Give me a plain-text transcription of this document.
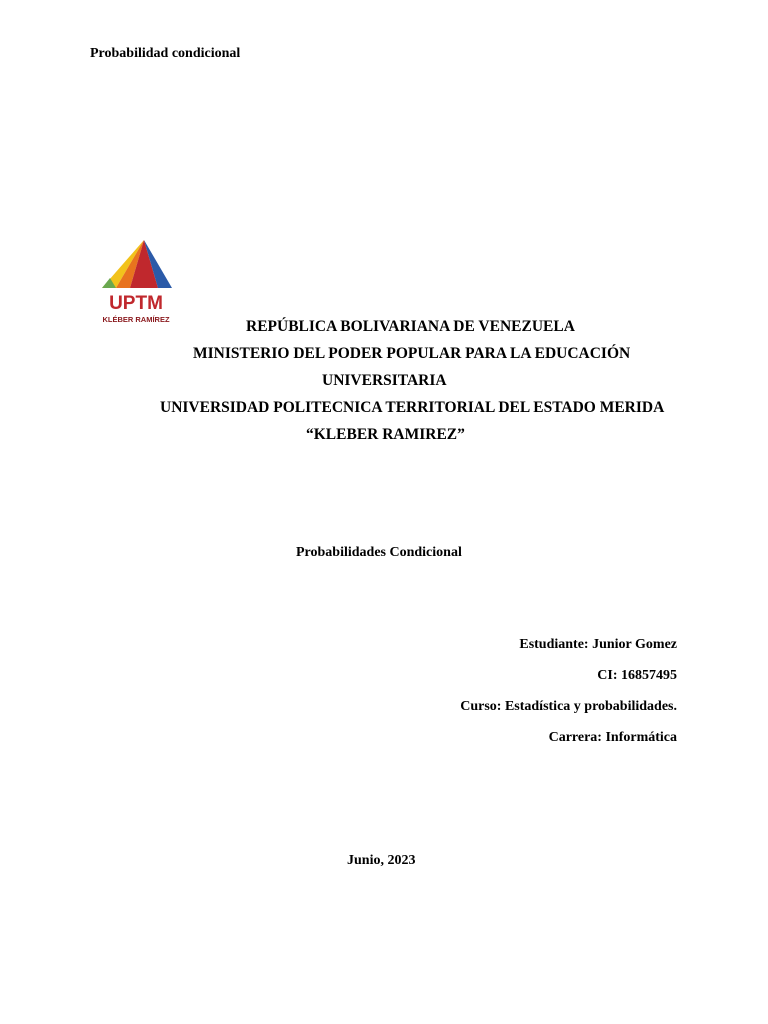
Probabilidad condicional
UPTM
KLÉBER RAMÍREZ	REPÚBLICA BOLIVARIANA DE VENEZUELA
MINISTERIO DEL PODER POPULAR PARA LA EDUCACIÓN
UNIVERSITARIA
UNIVERSIDAD POLITECNICA TERRITORIAL DEL ESTADO MERIDA
“KLEBER RAMIREZ”
Probabilidades Condicional
Estudiante: Junior Gomez
CI: 16857495
Curso: Estadística y probabilidades.
Carrera: Informática
Junio, 2023
